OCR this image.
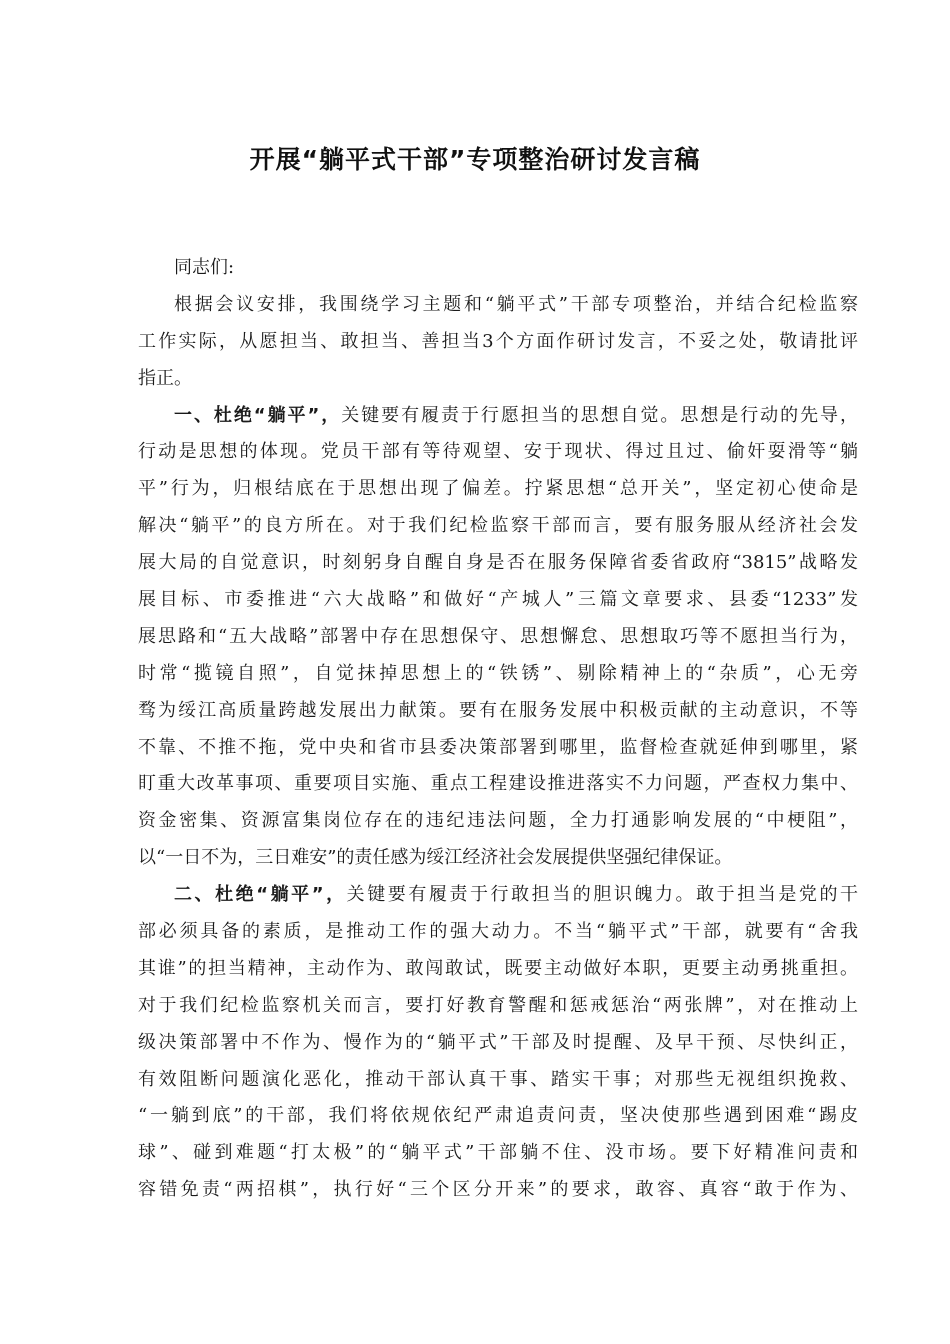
开展“躺平式干部”专项整治研讨发言稿
同志们:
根据会议安排，我围绕学习主题和“躺平式”干部专项整治，并结合纪检监察
工作实际，从愿担当、敢担当、善担当3个方面作研讨发言，不妥之处，敬请批评
指正。
一、杜绝“躺平”，关键要有履责于行愿担当的思想自觉。思想是行动的先导，
行动是思想的体现。党员干部有等待观望、安于现状、得过且过、偷奸耍滑等“躺
平”行为，归根结底在于思想出现了偏差。拧紧思想“总开关”，坚定初心使命是
解决“躺平”的良方所在。对于我们纪检监察干部而言，要有服务服从经济社会发
展大局的自觉意识，时刻躬身自醒自身是否在服务保障省委省政府“3815”战略发
展目标、市委推进“六大战略”和做好“产城人”三篇文章要求、县委“1233”发
展思路和“五大战略”部署中存在思想保守、思想懈怠、思想取巧等不愿担当行为，
时常“揽镜自照”，自觉抹掉思想上的“铁锈”、剔除精神上的“杂质”，心无旁
骛为绥江高质量跨越发展出力献策。要有在服务发展中积极贡献的主动意识，不等
不靠、不推不拖，党中央和省市县委决策部署到哪里，监督检查就延伸到哪里，紧
盯重大改革事项、重要项目实施、重点工程建设推进落实不力问题，严查权力集中、
资金密集、资源富集岗位存在的违纪违法问题，全力打通影响发展的“中梗阻”，
以“一日不为，三日难安”的责任感为绥江经济社会发展提供坚强纪律保证。
二、杜绝“躺平”，关键要有履责于行敢担当的胆识魄力。敢于担当是党的干
部必须具备的素质，是推动工作的强大动力。不当“躺平式”干部，就要有“舍我
其谁”的担当精神，主动作为、敢闯敢试，既要主动做好本职，更要主动勇挑重担。
对于我们纪检监察机关而言，要打好教育警醒和惩戒惩治“两张牌”，对在推动上
级决策部署中不作为、慢作为的“躺平式”干部及时提醒、及早干预、尽快纠正，
有效阻断问题演化恶化，推动干部认真干事、踏实干事；对那些无视组织挽救、
“一躺到底”的干部，我们将依规依纪严肃追责问责，坚决使那些遇到困难“踢皮
球”、碰到难题“打太极”的“躺平式”干部躺不住、没市场。要下好精准问责和
容错免责“两招棋”，执行好“三个区分开来”的要求，敢容、真容“敢于作为、
